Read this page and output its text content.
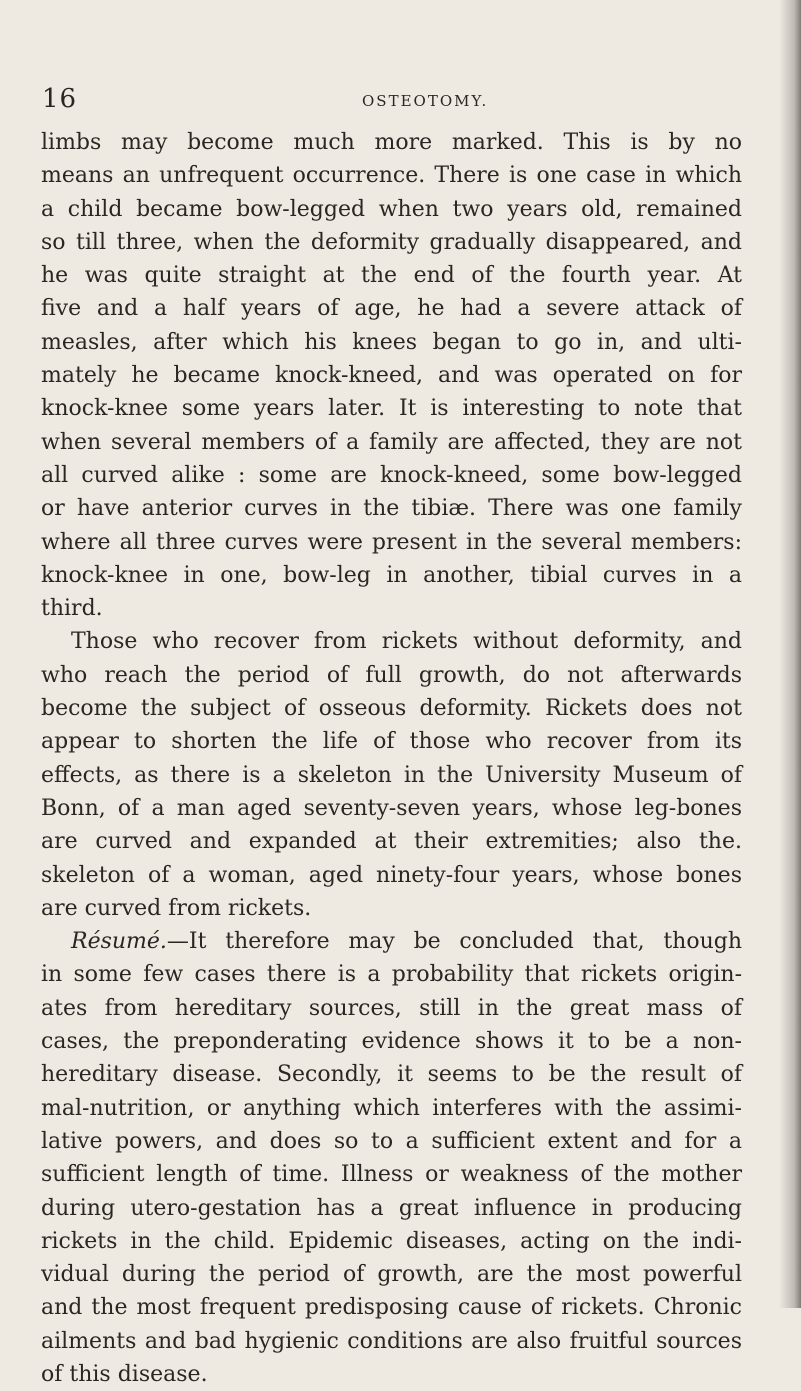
16	OSTEOTOMY.
limbs may become much more marked. This is by no
means an unfrequent occurrence. There is one case in which
a child became bow-legged when two years old, remained
so till three, when the deformity gradually disappeared, and
he was quite straight at the end of the fourth year. At
five and a half years of age, he had a severe attack of
measles, after which his knees began to go in, and ulti-
mately he became knock-kneed, and was operated on for
knock-knee some years later. It is interesting to note that
when several members of a family are affected, they are not
all curved alike : some are knock-kneed, some bow-legged
or have anterior curves in the tibiæ. There was one family
where all three curves were present in the several members:
knock-knee in one, bow-leg in another, tibial curves in a
third.
Those who recover from rickets without deformity, and
who reach the period of full growth, do not afterwards
become the subject of osseous deformity. Rickets does not
appear to shorten the life of those who recover from its
effects, as there is a skeleton in the University Museum of
Bonn, of a man aged seventy-seven years, whose leg-bones
are curved and expanded at their extremities; also the.
skeleton of a woman, aged ninety-four years, whose bones
are curved from rickets.
Résumé.—It therefore may be concluded that, though
in some few cases there is a probability that rickets origin-
ates from hereditary sources, still in the great mass of
cases, the preponderating evidence shows it to be a non-
hereditary disease. Secondly, it seems to be the result of
mal-nutrition, or anything which interferes with the assimi-
lative powers, and does so to a sufficient extent and for a
sufficient length of time. Illness or weakness of the mother
during utero-gestation has a great influence in producing
rickets in the child. Epidemic diseases, acting on the indi-
vidual during the period of growth, are the most powerful
and the most frequent predisposing cause of rickets. Chronic
ailments and bad hygienic conditions are also fruitful sources
of this disease.
